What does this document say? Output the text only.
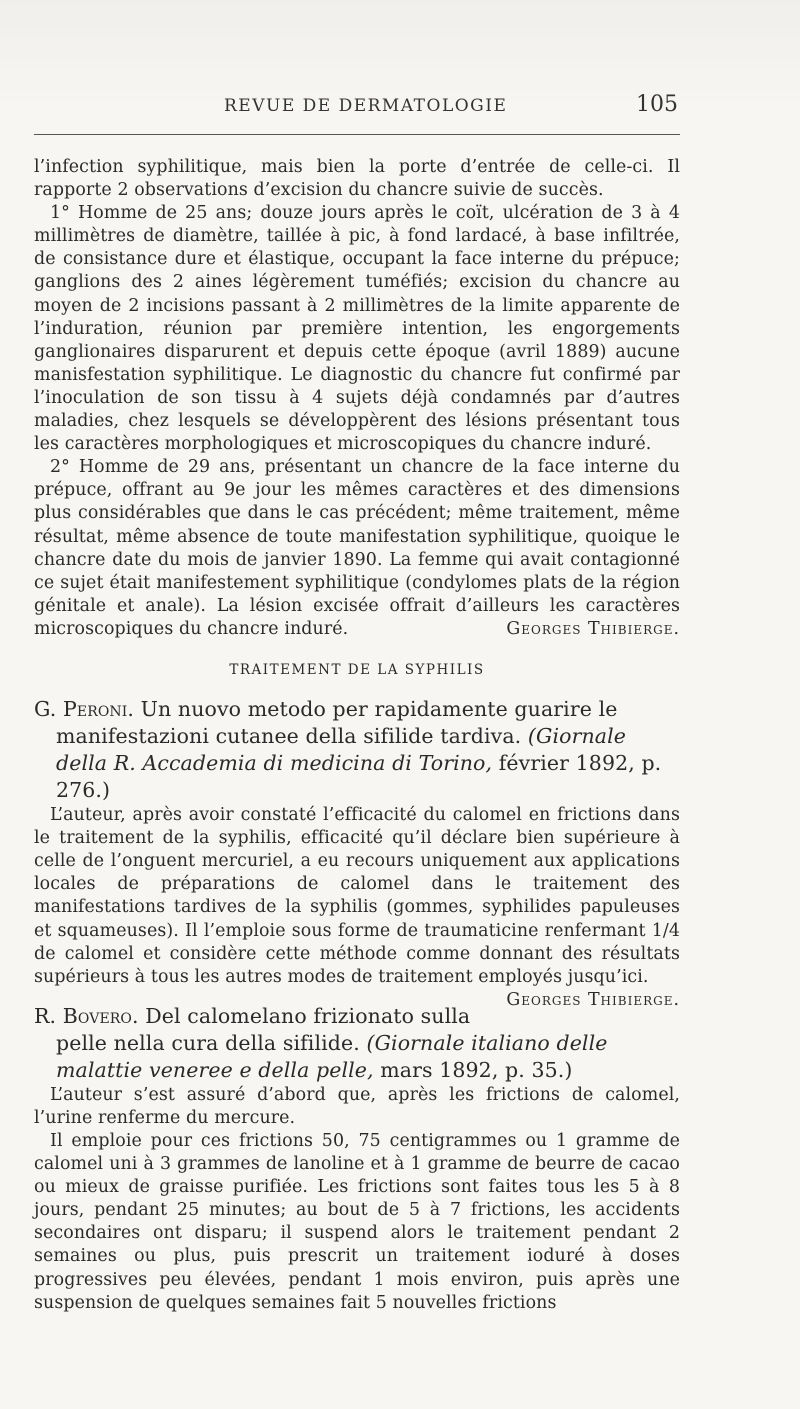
REVUE DE DERMATOLOGIE	105

l’infection syphilitique, mais bien la porte d’entrée de celle-ci. Il rapporte 2 observations d’excision du chancre suivie de succès.

1° Homme de 25 ans; douze jours après le coït, ulcération de 3 à 4 millimètres de diamètre, taillée à pic, à fond lardacé, à base infiltrée, de consistance dure et élastique, occupant la face interne du prépuce; ganglions des 2 aines légèrement tuméfiés; excision du chancre au moyen de 2 incisions passant à 2 millimètres de la limite apparente de l’induration, réunion par première intention, les engorgements ganglionaires disparurent et depuis cette époque (avril 1889) aucune manisfestation syphilitique. Le diagnostic du chancre fut confirmé par l’inoculation de son tissu à 4 sujets déjà condamnés par d’autres maladies, chez lesquels se développèrent des lésions présentant tous les caractères morphologiques et microscopiques du chancre induré.

2° Homme de 29 ans, présentant un chancre de la face interne du prépuce, offrant au 9e jour les mêmes caractères et des dimensions plus considérables que dans le cas précédent; même traitement, même résultat, même absence de toute manifestation syphilitique, quoique le chancre date du mois de janvier 1890. La femme qui avait contagionné ce sujet était manifestement syphilitique (condylomes plats de la région génitale et anale). La lésion excisée offrait d’ailleurs les caractères microscopiques du chancre induré.	Georges Thibierge.

TRAITEMENT DE LA SYPHILIS

G. Peroni. Un nuovo metodo per rapidamente guarire le manifestazioni cutanee della sifilide tardiva. (Giornale della R. Accademia di medicina di Torino, février 1892, p. 276.)

L’auteur, après avoir constaté l’efficacité du calomel en frictions dans le traitement de la syphilis, efficacité qu’il déclare bien supérieure à celle de l’onguent mercuriel, a eu recours uniquement aux applications locales de préparations de calomel dans le traitement des manifestations tardives de la syphilis (gommes, syphilides papuleuses et squameuses). Il l’emploie sous forme de traumaticine renfermant 1/4 de calomel et considère cette méthode comme donnant des résultats supérieurs à tous les autres modes de traitement employés jusqu’ici.
Georges Thibierge.

R. Bovero. Del calomelano frizionato sulla pelle nella cura della sifilide. (Giornale italiano delle malattie veneree e della pelle, mars 1892, p. 35.)

L’auteur s’est assuré d’abord que, après les frictions de calomel, l’urine renferme du mercure.

Il emploie pour ces frictions 50, 75 centigrammes ou 1 gramme de calomel uni à 3 grammes de lanoline et à 1 gramme de beurre de cacao ou mieux de graisse purifiée. Les frictions sont faites tous les 5 à 8 jours, pendant 25 minutes; au bout de 5 à 7 frictions, les accidents secondaires ont disparu; il suspend alors le traitement pendant 2 semaines ou plus, puis prescrit un traitement ioduré à doses progressives peu élevées, pendant 1 mois environ, puis après une suspension de quelques semaines fait 5 nouvelles frictions
